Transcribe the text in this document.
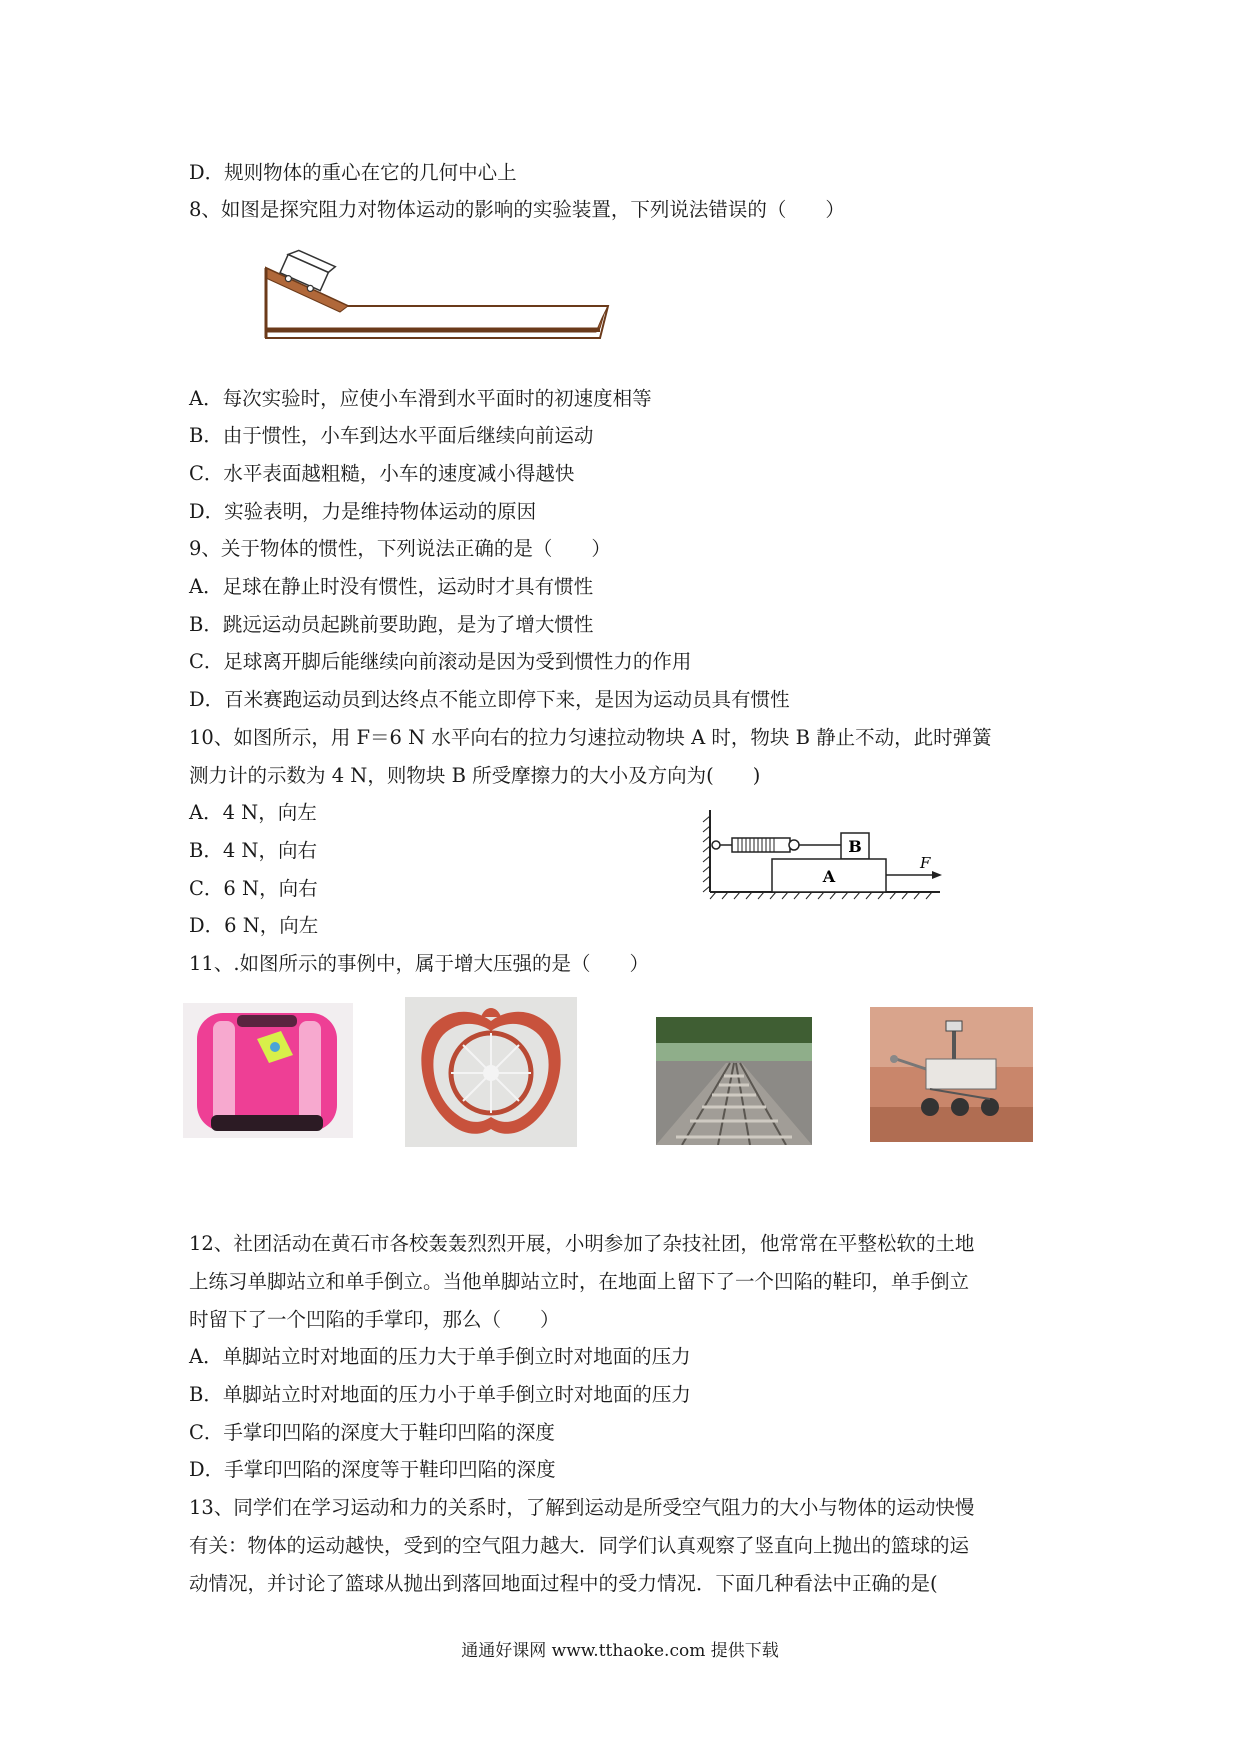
D．规则物体的重心在它的几何中心上
8、如图是探究阻力对物体运动的影响的实验装置，下列说法错误的（　　）
A．每次实验时，应使小车滑到水平面时的初速度相等
B．由于惯性，小车到达水平面后继续向前运动
C．水平表面越粗糙，小车的速度减小得越快
D．实验表明，力是维持物体运动的原因
9、关于物体的惯性，下列说法正确的是（　　）
A．足球在静止时没有惯性，运动时才具有惯性
B．跳远运动员起跳前要助跑，是为了增大惯性
C．足球离开脚后能继续向前滚动是因为受到惯性力的作用
D．百米赛跑运动员到达终点不能立即停下来，是因为运动员具有惯性
10、如图所示，用 F＝6 N 水平向右的拉力匀速拉动物块 A 时，物块 B 静止不动，此时弹簧
测力计的示数为 4 N，则物块 B 所受摩擦力的大小及方向为(　　)
A．4 N，向左
B．4 N，向右
C．6 N，向右
D．6 N，向左
B
A
F
11、.如图所示的事例中，属于增大压强的是（　　）
12、社团活动在黄石市各校轰轰烈烈开展，小明参加了杂技社团，他常常在平整松软的土地
上练习单脚站立和单手倒立。当他单脚站立时，在地面上留下了一个凹陷的鞋印，单手倒立
时留下了一个凹陷的手掌印，那么（　　）
A．单脚站立时对地面的压力大于单手倒立时对地面的压力
B．单脚站立时对地面的压力小于单手倒立时对地面的压力
C．手掌印凹陷的深度大于鞋印凹陷的深度
D．手掌印凹陷的深度等于鞋印凹陷的深度
13、同学们在学习运动和力的关系时，了解到运动是所受空气阻力的大小与物体的运动快慢
有关：物体的运动越快，受到的空气阻力越大．同学们认真观察了竖直向上抛出的篮球的运
动情况，并讨论了篮球从抛出到落回地面过程中的受力情况．下面几种看法中正确的是(
通通好课网 www.tthaoke.com 提供下载
